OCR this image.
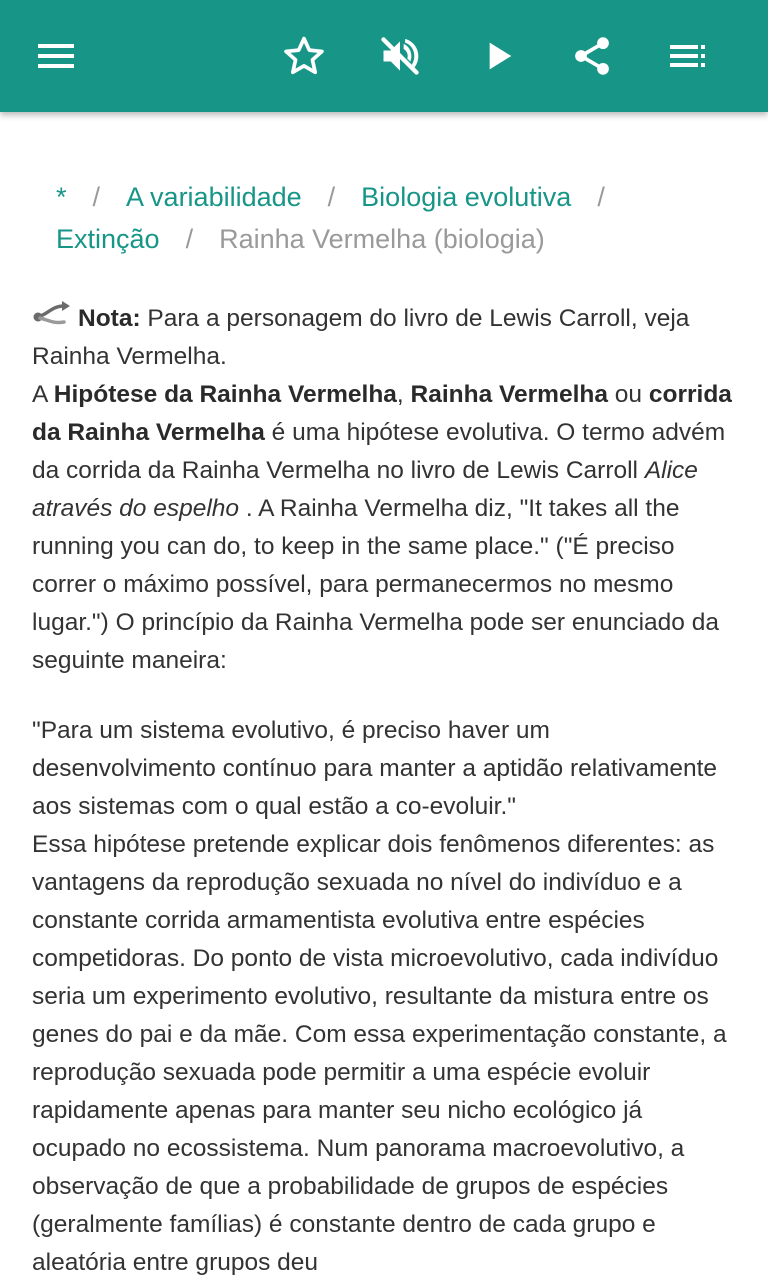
* / A variabilidade / Biologia evolutiva /
Extinção / Rainha Vermelha (biologia)

Nota: Para a personagem do livro de Lewis Carroll, veja Rainha Vermelha.

A Hipótese da Rainha Vermelha, Rainha Vermelha ou corrida da Rainha Vermelha é uma hipótese evolutiva. O termo advém da corrida da Rainha Vermelha no livro de Lewis Carroll Alice através do espelho . A Rainha Vermelha diz, "It takes all the running you can do, to keep in the same place." ("É preciso correr o máximo possível, para permanecermos no mesmo lugar.") O princípio da Rainha Vermelha pode ser enunciado da seguinte maneira:

"Para um sistema evolutivo, é preciso haver um desenvolvimento contínuo para manter a aptidão relativamente aos sistemas com o qual estão a co-evoluir."

Essa hipótese pretende explicar dois fenômenos diferentes: as vantagens da reprodução sexuada no nível do indivíduo e a constante corrida armamentista evolutiva entre espécies competidoras. Do ponto de vista microevolutivo, cada indivíduo seria um experimento evolutivo, resultante da mistura entre os genes do pai e da mãe. Com essa experimentação constante, a reprodução sexuada pode permitir a uma espécie evoluir rapidamente apenas para manter seu nicho ecológico já ocupado no ecossistema. Num panorama macroevolutivo, a observação de que a probabilidade de grupos de espécies (geralmente famílias) é constante dentro de cada grupo e aleatória entre grupos deu
